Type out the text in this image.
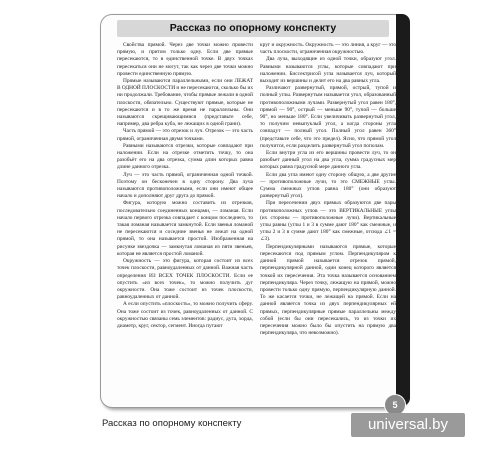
Рассказ по опорному конспекту

Свойства прямой. Через две точки можно провести прямую, и притом только одну. Если две прямые пересекаются, то в единственной точке. В двух точках пересекаться они не могут, так как через две точки можно провести единственную прямую.

Прямые называются параллельными, если они ЛЕЖАТ В ОДНОЙ ПЛОСКОСТИ и не пересекаются, сколько бы их ни продолжали. Требование, чтобы прямые лежали в одной плоскости, обязательно. Существуют прямые, которые не пересекаются и в то же время не параллельны. Они называются скрещивающимися (представьте себе, например, два ребра куба, не лежащих в одной грани).

Часть прямой — это отрезок и луч. Отрезок — это часть прямой, ограниченная двумя точками.

Равными называются отрезки, которые совпадают при наложении. Если на отрезке отметить точку, то она разобьёт его на два отрезка, сумма длин которых равна длине данного отрезка.

Луч — это часть прямой, ограниченная одной точкой. Поэтому он бесконечен в одну сторону. Два луча называются противоположными, если они имеют общее начало и дополняют друг друга до прямой.

Фигура, которую можно составить из отрезков, последовательно соединенных концами, — ломаная. Если начало первого отрезка совпадает с концом последнего, то такая ломаная называется замкнутой. Если звенья ломаной не пересекаются и соседние звенья не лежат на одной прямой, то она называется простой. Изображенная на рисунке звездочка — замкнутая ломаная из пяти звеньев, которая не является простой ломаной.

Окружность — это фигура, которая состоит из всех точек плоскости, равноудаленных от данной. Важная часть определения ИЗ ВСЕХ ТОЧЕК ПЛОСКОСТИ. Если ее опустить «из всех точек», то можно получить дуг окружности. Она тоже состоит из точек плоскости, равноудаленных от данной.

А если опустить «плоскость», то можно получить сферу. Она тоже состоит из точек, равноудаленных от данной. С окружностью связаны семь элементов: радиус, дуга, хорда, диаметр, круг, сектор, сегмент. Иногда путают

круг и окружность. Окружность — это линия, а круг — это часть плоскости, ограниченная окружностью.

Два луча, выходящие из одной точки, образуют угол. Равными называются углы, которые совпадают при наложении. Биссектрисой угла называется луч, который выходит из вершины и делит его на два равных угла.

Различают развернутый, прямой, острый, тупой и полный углы. Развернутым называется угол, образованный противоположными лучами. Развернутый угол равен 180°, прямой — 90°, острый — меньше 90°, тупой — больше 90°, но меньше 180°. Если увеличивать развернутый угол, то получим невыпуклый угол, а когда стороны угла совпадут — полный угол. Полный угол равен 360° (представьте себе, что это предел). Ясно, что прямой угол получится, если разделить развернутый угол пополам.

Если внутри угла из его вершины провести луч, то он разобьет данный угол на два угла, сумма градусных мер которых равна градусной мере данного угла.

Если два угла имеют одну сторону общую, а две другие — противоположные лучи, то это СМЕЖНЫЕ углы. Сумма смежных углов равна 180° (они образуют развернутый угол).

При пересечении двух прямых образуются две пары противоположных углов — это ВЕРТИКАЛЬНЫЕ углы (их стороны — противоположные лучи). Вертикальные углы равны (углы 1 и 3 в сумме дают 180° как смежные, и углы 2 и 3 в сумме дают 180° как смежные, отсюда ∠1 = ∠3).

Перпендикулярными называются прямые, которые пересекаются под прямым углом. Перпендикуляром к данной прямой называется отрезок прямой, перпендикулярной данной, один конец которого является точкой их пересечения. Эта точка называется основанием перпендикуляра. Через точку, лежащую на прямой, можно провести только одну прямую, перпендикулярную данной. То же касается точки, не лежащей на прямой. Если на данной является точка из двух перпендикулярных ей прямых, перпендикулярные прямые параллельны между собой (если бы они пересекались, то из точки их пересечения можно было бы опустить на прямую два перпендикуляра, что невозможно).

5
Рассказ по опорному конспекту	universal.by
